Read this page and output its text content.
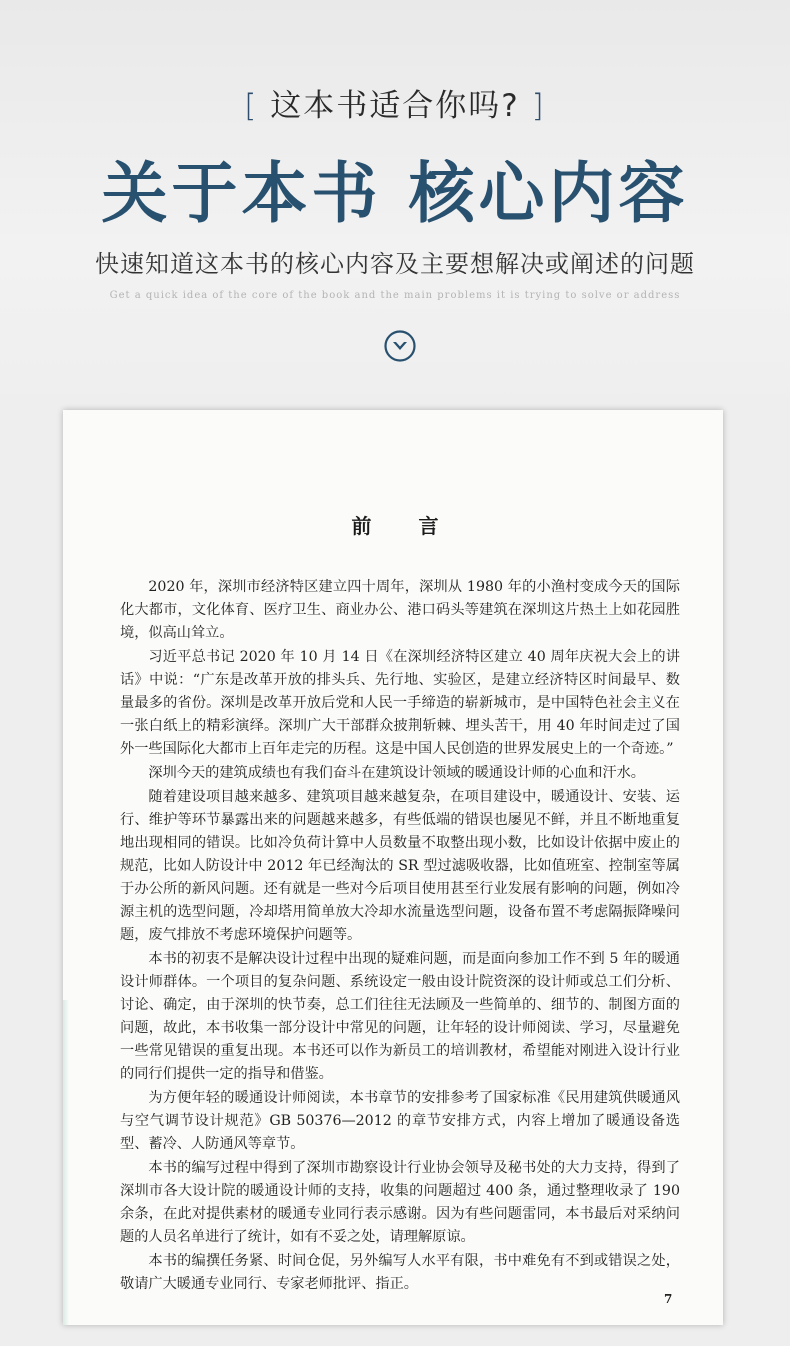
[ 这本书适合你吗? ]
关于本书 核心内容
快速知道这本书的核心内容及主要想解决或阐述的问题
Get a quick idea of the core of the book and the main problems it is trying to solve or address
前 言

2020 年，深圳市经济特区建立四十周年，深圳从 1980 年的小渔村变成今天的国际化大都市，文化体育、医疗卫生、商业办公、港口码头等建筑在深圳这片热土上如花园胜境，似高山耸立。

习近平总书记 2020 年 10 月 14 日《在深圳经济特区建立 40 周年庆祝大会上的讲话》中说：“广东是改革开放的排头兵、先行地、实验区，是建立经济特区时间最早、数量最多的省份。深圳是改革开放后党和人民一手缔造的崭新城市，是中国特色社会主义在一张白纸上的精彩演绎。深圳广大干部群众披荆斩棘、埋头苦干，用 40 年时间走过了国外一些国际化大都市上百年走完的历程。这是中国人民创造的世界发展史上的一个奇迹。”

深圳今天的建筑成绩也有我们奋斗在建筑设计领域的暖通设计师的心血和汗水。

随着建设项目越来越多、建筑项目越来越复杂，在项目建设中，暖通设计、安装、运行、维护等环节暴露出来的问题越来越多，有些低端的错误也屡见不鲜，并且不断地重复地出现相同的错误。比如冷负荷计算中人员数量不取整出现小数，比如设计依据中废止的规范，比如人防设计中 2012 年已经淘汰的 SR 型过滤吸收器，比如值班室、控制室等属于办公所的新风问题。还有就是一些对今后项目使用甚至行业发展有影响的问题，例如冷源主机的选型问题，冷却塔用简单放大冷却水流量选型问题，设备布置不考虑隔振降噪问题，废气排放不考虑环境保护问题等。

本书的初衷不是解决设计过程中出现的疑难问题，而是面向参加工作不到 5 年的暖通设计师群体。一个项目的复杂问题、系统设定一般由设计院资深的设计师或总工们分析、讨论、确定，由于深圳的快节奏，总工们往往无法顾及一些简单的、细节的、制图方面的问题，故此，本书收集一部分设计中常见的问题，让年轻的设计师阅读、学习，尽量避免一些常见错误的重复出现。本书还可以作为新员工的培训教材，希望能对刚进入设计行业的同行们提供一定的指导和借鉴。

为方便年轻的暖通设计师阅读，本书章节的安排参考了国家标准《民用建筑供暖通风与空气调节设计规范》GB 50376—2012 的章节安排方式，内容上增加了暖通设备选型、蓄冷、人防通风等章节。

本书的编写过程中得到了深圳市勘察设计行业协会领导及秘书处的大力支持，得到了深圳市各大设计院的暖通设计师的支持，收集的问题超过 400 条，通过整理收录了 190 余条，在此对提供素材的暖通专业同行表示感谢。因为有些问题雷同，本书最后对采纳问题的人员名单进行了统计，如有不妥之处，请理解原谅。

本书的编撰任务紧、时间仓促，另外编写人水平有限，书中难免有不到或错误之处，敬请广大暖通专业同行、专家老师批评、指正。

7
